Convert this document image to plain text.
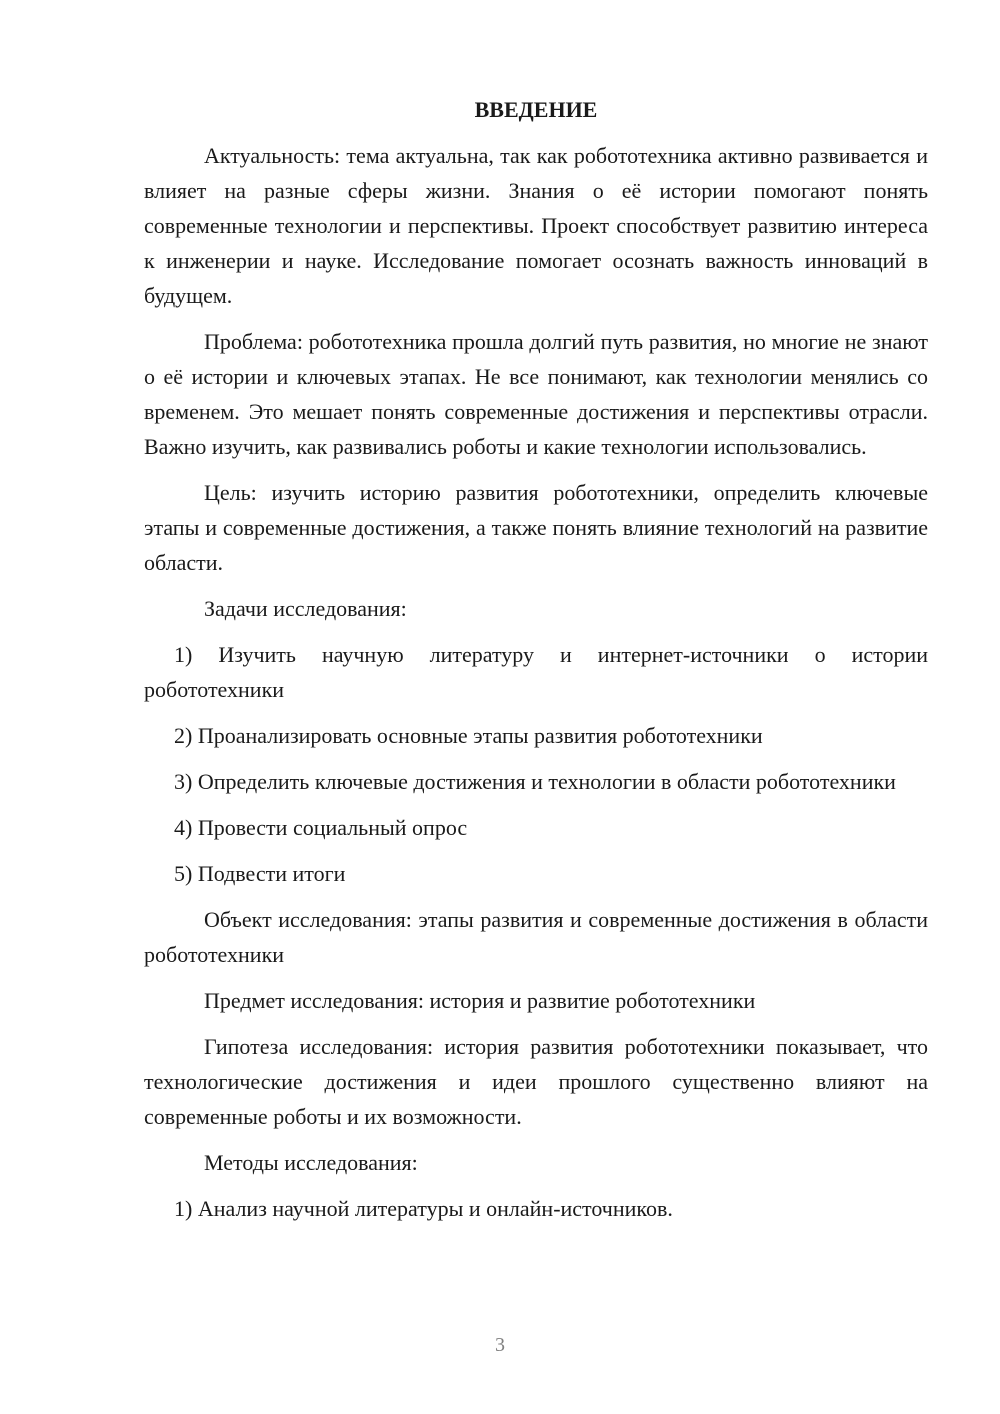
ВВЕДЕНИЕ

Актуальность: тема актуальна, так как робототехника активно развивается и влияет на разные сферы жизни. Знания о её истории помогают понять современные технологии и перспективы. Проект способствует развитию интереса к инженерии и науке. Исследование помогает осознать важность инноваций в будущем.

Проблема: робототехника прошла долгий путь развития, но многие не знают о её истории и ключевых этапах. Не все понимают, как технологии менялись со временем. Это мешает понять современные достижения и перспективы отрасли. Важно изучить, как развивались роботы и какие технологии использовались.

Цель: изучить историю развития робототехники, определить ключевые этапы и современные достижения, а также понять влияние технологий на развитие области.

Задачи исследования:

1) Изучить научную литературу и интернет-источники о истории робототехники

2) Проанализировать основные этапы развития робототехники

3) Определить ключевые достижения и технологии в области робототехники

4) Провести социальный опрос

5) Подвести итоги

Объект исследования: этапы развития и современные достижения в области робототехники

Предмет исследования: история и развитие робототехники

Гипотеза исследования: история развития робототехники показывает, что технологические достижения и идеи прошлого существенно влияют на современные роботы и их возможности.

Методы исследования:

1) Анализ научной литературы и онлайн-источников.

3
